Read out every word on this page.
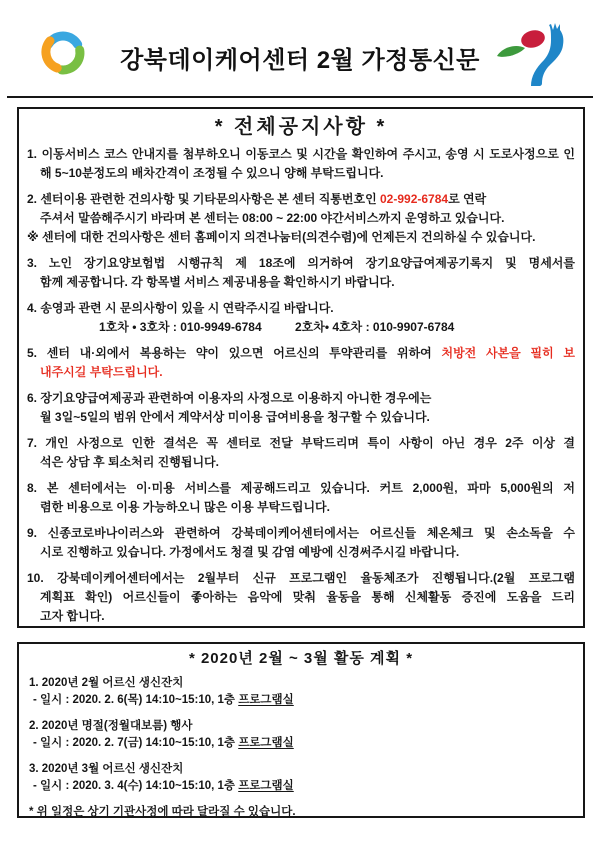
강북데이케어센터 2월 가정통신문
* 전체공지사항 *
1. 이동서비스 코스 안내지를 첨부하오니 이동코스 및 시간을 확인하여 주시고, 송영 시 도로사정으로 인
해 5~10분정도의 배차간격이 조정될 수 있으니 양해 부탁드립니다.
2. 센터이용 관련한 건의사항 및 기타문의사항은 본 센터 직통번호인 02-992-6784로 연락
주셔서 말씀해주시기 바라며 본 센터는 08:00 ~ 22:00 야간서비스까지 운영하고 있습니다.
※ 센터에 대한 건의사항은 센터 홈페이지 의견나눔터(의견수렴)에 언제든지 건의하실 수 있습니다.
3. 노인 장기요양보험법 시행규칙 제 18조에 의거하여 장기요양급여제공기록지 및 명세서를
함께 제공합니다. 각 항목별 서비스 제공내용을 확인하시기 바랍니다.
4. 송영과 관련 시 문의사항이 있을 시 연락주시길 바랍니다.
1호차 • 3호차 : 010-9949-6784          2호차• 4호차 : 010-9907-6784
5. 센터 내·외에서 복용하는 약이 있으면 어르신의 투약관리를 위하여 처방전 사본을 필히 보
내주시길 부탁드립니다.
6. 장기요양급여제공과 관련하여 이용자의 사정으로 이용하지 아니한 경우에는
월 3일~5일의 범위 안에서 계약서상 미이용 급여비용을 청구할 수 있습니다.
7. 개인 사정으로 인한 결석은 꼭 센터로 전달 부탁드리며 특이 사항이 아닌 경우 2주 이상 결
석은 상담 후 퇴소처리 진행됩니다.
8. 본 센터에서는 이·미용 서비스를 제공해드리고 있습니다. 커트 2,000원, 파마 5,000원의 저
렴한 비용으로 이용 가능하오니 많은 이용 부탁드립니다.
9. 신종코로바나이러스와 관련하여 강북데이케어센터에서는 어르신들 체온체크 및 손소독을 수
시로 진행하고 있습니다. 가정에서도 청결 및 감염 예방에 신경써주시길 바랍니다.
10. 강북데이케어센터에서는 2월부터 신규 프로그램인 율동체조가 진행됩니다.(2월 프로그램
계획표 확인) 어르신들이 좋아하는 음악에 맞춰 율동을 통해 신체활동 증진에 도움을 드리
고자 합니다.
* 2020년 2월 ~ 3월 활동 계획 *
1. 2020년 2월 어르신 생신잔치
- 일시 : 2020. 2. 6(목) 14:10~15:10, 1층 프로그램실
2. 2020년 명절(정월대보름) 행사
- 일시 : 2020. 2. 7(금) 14:10~15:10, 1층 프로그램실
3. 2020년 3월 어르신 생신잔치
- 일시 : 2020. 3. 4(수) 14:10~15:10, 1층 프로그램실
* 위 일정은 상기 기관사정에 따라 달라질 수 있습니다.
